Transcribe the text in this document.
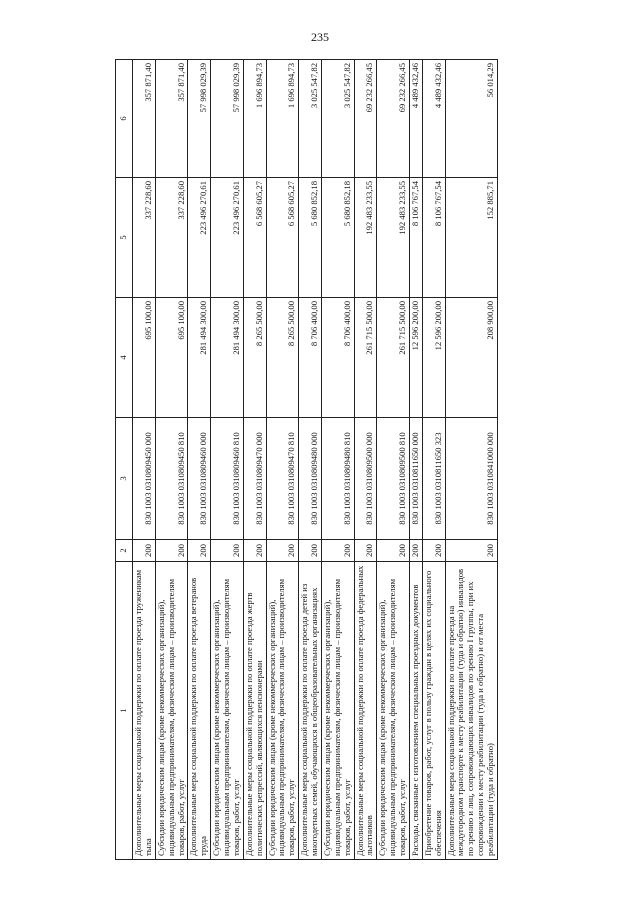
235
1	2	3	4	5	6
Дополнительные меры социальной поддержки по оплате проезда труженикам тыла	200	830 1003 0310809450 000	695 100,00	337 228,60	357 871,40
Субсидии юридическим лицам (кроме некоммерческих организаций), индивидуальным предпринимателям, физическим лицам – производителям товаров, работ, услуг	200	830 1003 0310809450 810	695 100,00	337 228,60	357 871,40
Дополнительные меры социальной поддержки по оплате проезда ветеранов труда	200	830 1003 0310809460 000	281 494 300,00	223 496 270,61	57 998 029,39
Субсидии юридическим лицам (кроме некоммерческих организаций), индивидуальным предпринимателям, физическим лицам – производителям товаров, работ, услуг	200	830 1003 0310809460 810	281 494 300,00	223 496 270,61	57 998 029,39
Дополнительные меры социальной поддержки по оплате проезда жертв политических репрессий, являющихся пенсионерами	200	830 1003 0310809470 000	8 265 500,00	6 568 605,27	1 696 894,73
Субсидии юридическим лицам (кроме некоммерческих организаций), индивидуальным предпринимателям, физическим лицам – производителям товаров, работ, услуг	200	830 1003 0310809470 810	8 265 500,00	6 568 605,27	1 696 894,73
Дополнительные меры социальной поддержки по оплате проезда детей из многодетных семей, обучающихся в общеобразовательных организациях	200	830 1003 0310809480 000	8 706 400,00	5 680 852,18	3 025 547,82
Субсидии юридическим лицам (кроме некоммерческих организаций), индивидуальным предпринимателям, физическим лицам – производителям товаров, работ, услуг	200	830 1003 0310809480 810	8 706 400,00	5 680 852,18	3 025 547,82
Дополнительные меры социальной поддержки по оплате проезда федеральных льготников	200	830 1003 0310809500 000	261 715 500,00	192 483 233,55	69 232 266,45
Субсидии юридическим лицам (кроме некоммерческих организаций), индивидуальным предпринимателям, физическим лицам – производителям товаров, работ, услуг	200	830 1003 0310809500 810	261 715 500,00	192 483 233,55	69 232 266,45
Расходы, связанные с изготовлением специальных проездных документов	200	830 1003 0310811650 000	12 596 200,00	8 106 767,54	4 489 432,46
Приобретение товаров, работ, услуг в пользу граждан в целях их социального обеспечения	200	830 1003 0310811650 323	12 596 200,00	8 106 767,54	4 489 432,46
Дополнительные меры социальной поддержки по оплате проезда на междугородном транспорте к месту реабилитации (туда и обратно) инвалидов по зрению и лиц, сопровождающих инвалидов по зрению I группы, при их сопровождении к месту реабилитации (туда и обратно) и от места реабилитации (туда и обратно)	200	830 1003 0310841000 000	208 900,00	152 885,71	56 014,29
